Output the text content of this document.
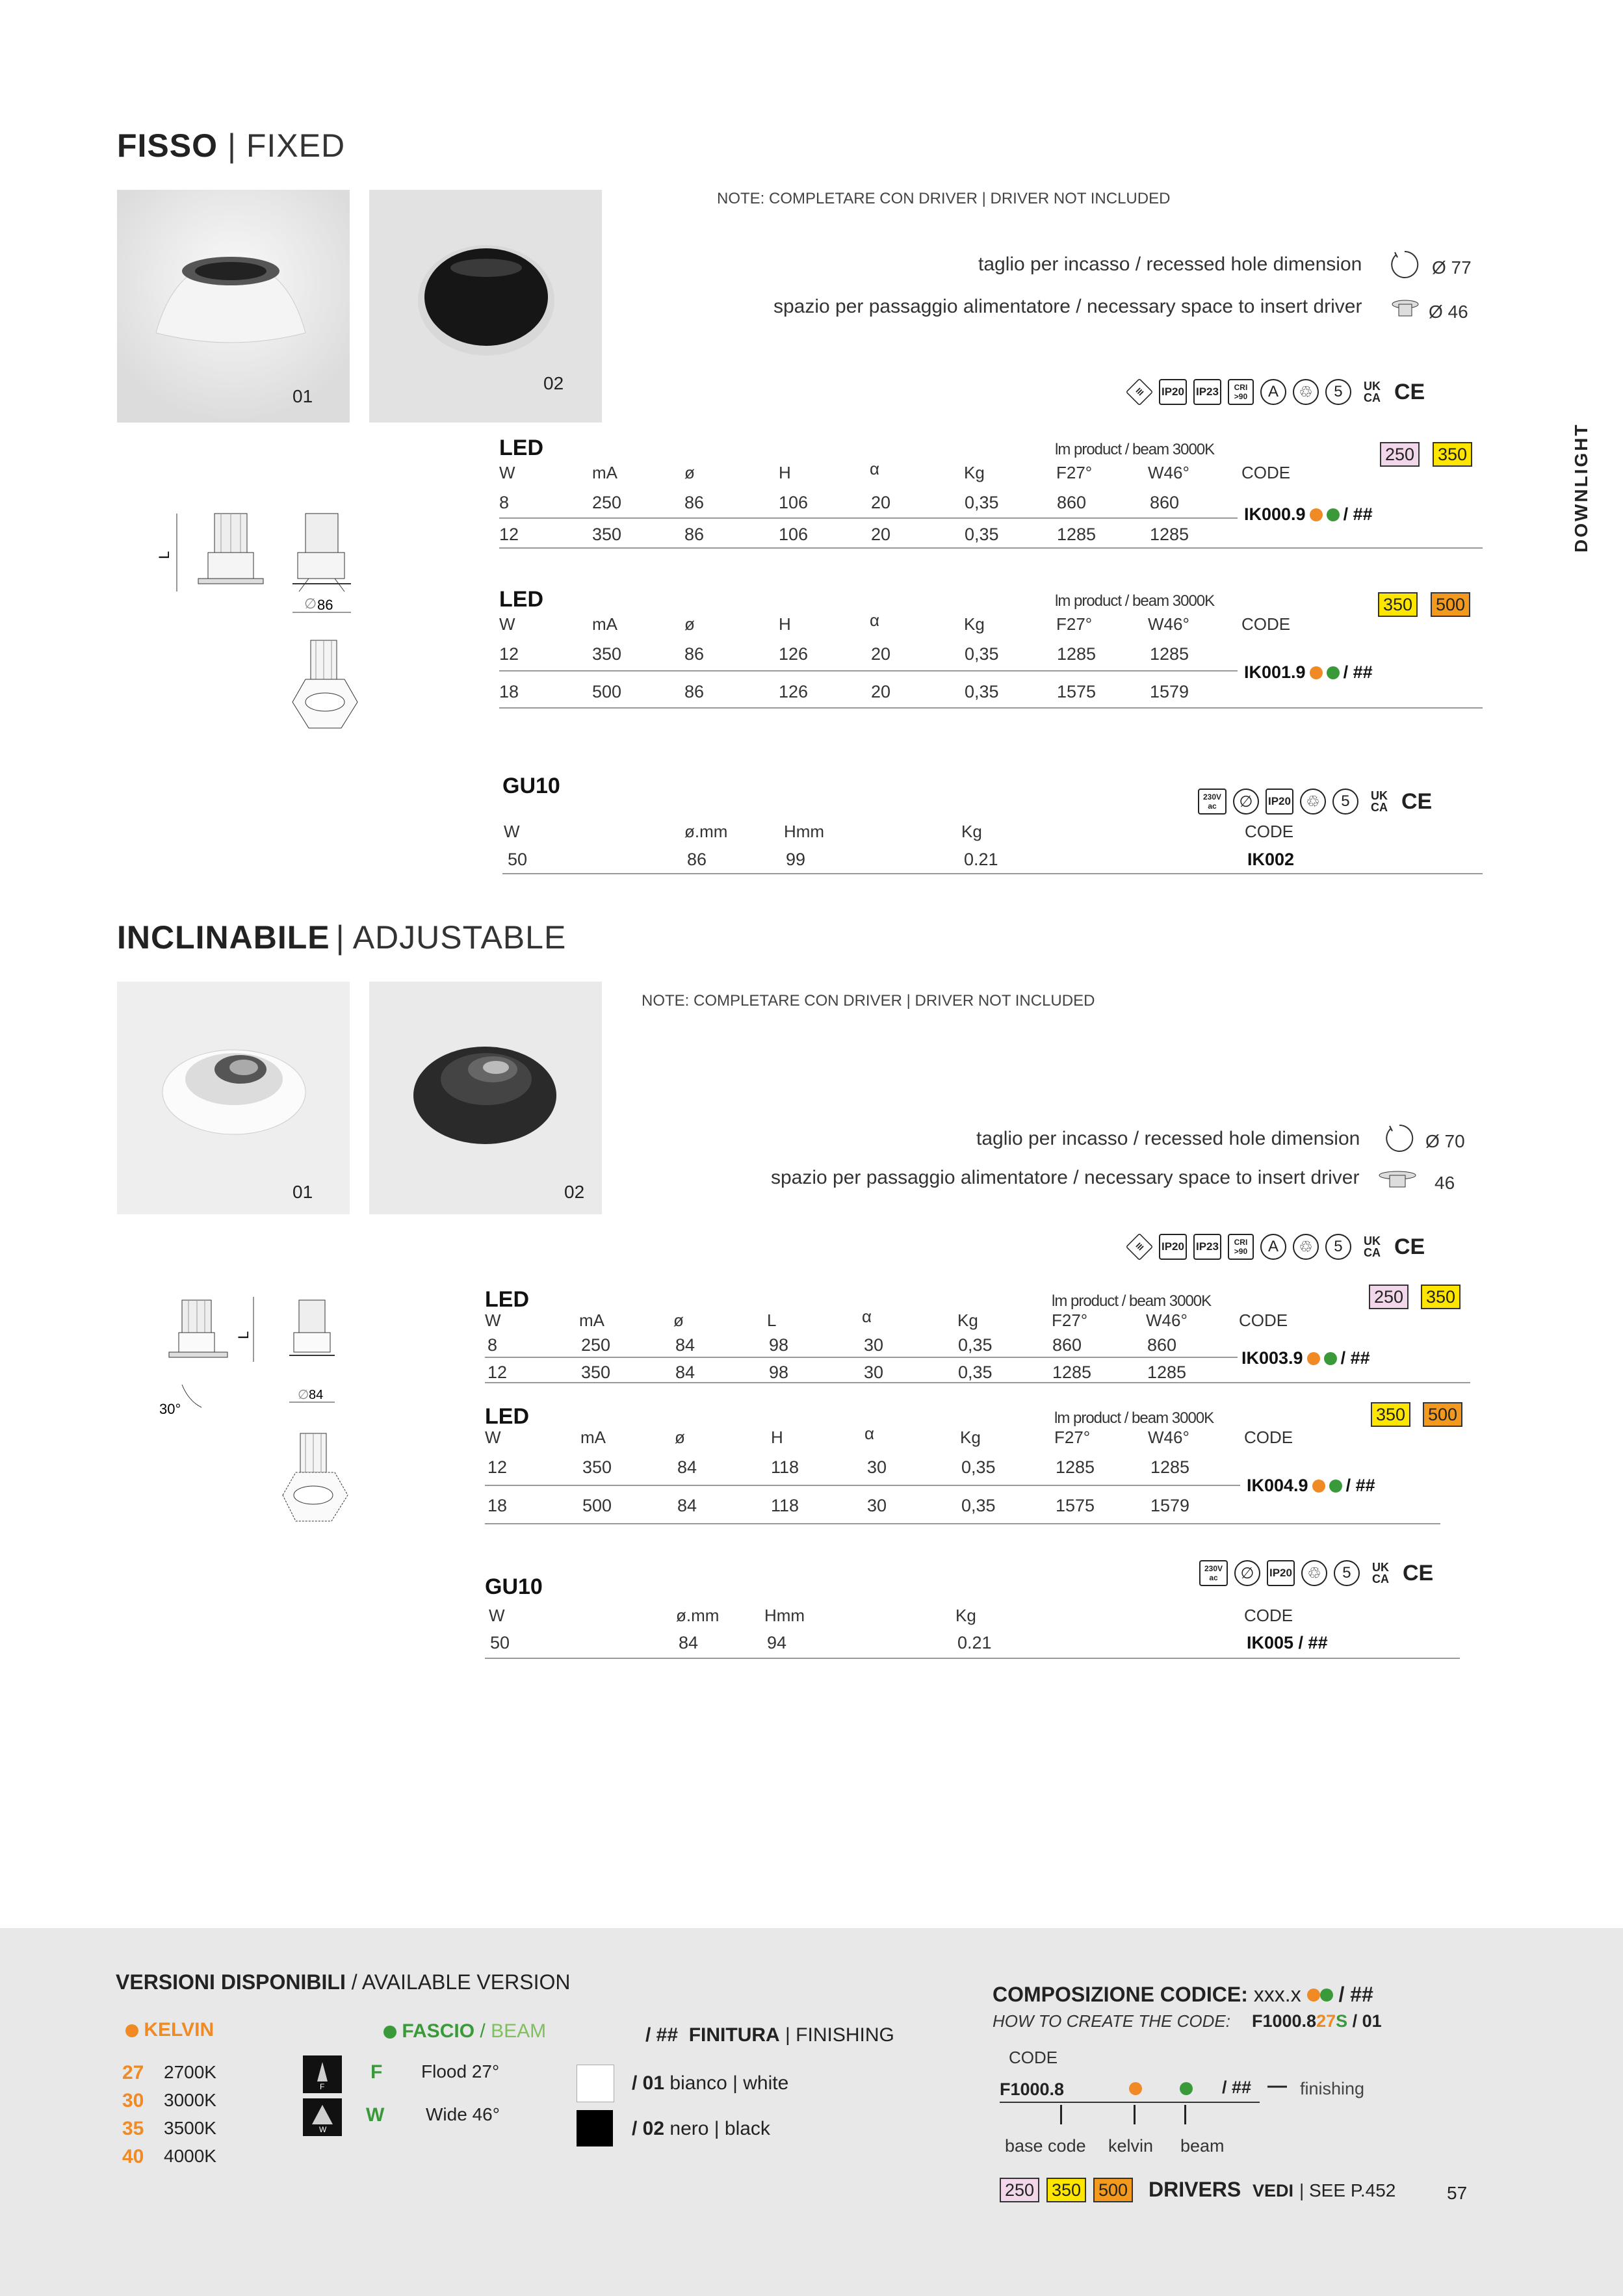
DOWNLIGHT
FISSO | FIXED
01
02
NOTE: COMPLETARE CON DRIVER | DRIVER NOT INCLUDED
taglio per incasso / recessed hole dimension	Ø 77
spazio per passaggio alimentatore / necessary space to insert driver	Ø 46
III	IP20 IP23	CRI >90	A	♲	5	UK CA CE
L
∅ 86
LED	lm product / beam 3000K
W	mA	ø	H	α	Kg	F27°	W46°	CODE
8	250	86	106	20	0,35	860	860
12	350	86	106	20	0,35	1285	1285
IK000.9 / ##
250 350
LED	lm product / beam 3000K
W	mA	ø	H	α	Kg	F27°	W46°	CODE
12	350	86	126	20	0,35	1285	1285
18	500	86	126	20	0,35	1575	1579
IK001.9 / ##
350 500
GU10	230V ac	∅	IP20 ♲	5	UK CA CE
W	ø.mm	Hmm	Kg	CODE
50	86	99	0.21	IK002
INCLINABILE | ADJUSTABLE
01	02
NOTE: COMPLETARE CON DRIVER | DRIVER NOT INCLUDED
taglio per incasso / recessed hole dimension	Ø 70
spazio per passaggio alimentatore / necessary space to insert driver	46
III	IP20 IP23	CRI >90	A	♲	5	UK CA CE
L
30°
∅ 84
LED	lm product / beam 3000K
W	mA	ø	L	α	Kg	F27°	W46°	CODE
8	250	84	98	30	0,35	860	860
12	350	84	98	30	0,35	1285	1285
IK003.9 / ##
250 350
LED	lm product / beam 3000K
W	mA	ø	H	α	Kg	F27°	W46°	CODE
12	350	84	118	30	0,35	1285	1285
18	500	84	118	30	0,35	1575	1579
IK004.9 / ##
350 500
GU10
230V ac	∅	IP20 ♲	5	UK CA CE
W	ø.mm	Hmm	Kg	CODE
50	84	94	0.21	IK005 / ##
VERSIONI DISPONIBILI / AVAILABLE VERSION
KELVIN
27 2700K
30 3000K
35 3500K
40 4000K
FASCIO / BEAM
F
W
F Flood 27°
W Wide 46°
/ ## FINITURA | FINISHING
/ 01 bianco | white
/ 02 nero | black
COMPOSIZIONE CODICE: xxx.x / ##
HOW TO CREATE THE CODE: F1000.827S / 01
CODE
F1000.8	/ ## — finishing
base code kelvin beam
250 350 500 DRIVERS VEDI | SEE P.452	57
